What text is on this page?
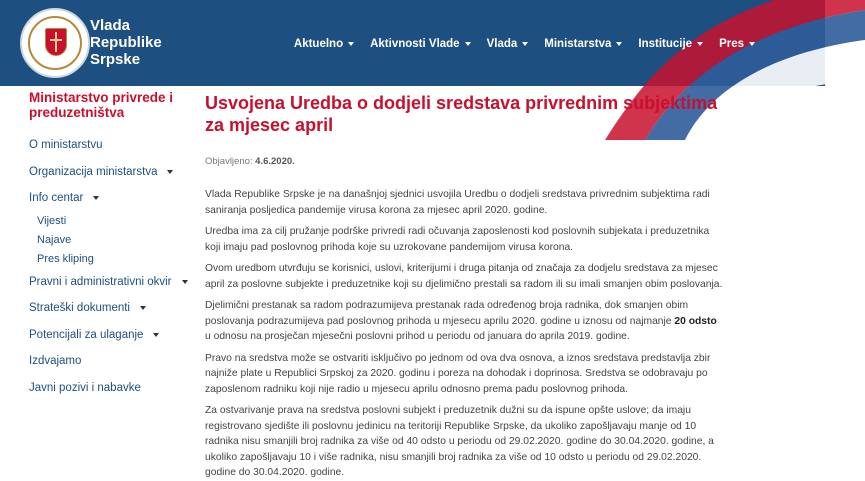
Vlada
Republike
Srpske
Aktuelno Aktivnosti Vlade Vlada Ministarstva Institucije Pres
Ministarstvo privrede i preduzetništva
O ministarstvu
Organizacija ministarstva
Info centar
Vijesti
Najave
Pres kliping
Pravni i administrativni okvir
Strateški dokumenti
Potencijali za ulaganje
Izdvajamo
Javni pozivi i nabavke
Usvojena Uredba o dodjeli sredstava privrednim subjektima za mjesec april
Objavljeno: 4.6.2020.

Vlada Republike Srpske je na današnjoj sjednici usvojila Uredbu o dodjeli sredstava privrednim subjektima radi saniranja posljedica pandemije virusa korona za mjesec april 2020. godine.

Uredba ima za cilj pružanje podrške privredi radi očuvanja zaposlenosti kod poslovnih subjekata i preduzetnika koji imaju pad poslovnog prihoda koje su uzrokovane pandemijom virusa korona.

Ovom uredbom utvrđuju se korisnici, uslovi, kriterijumi i druga pitanja od značaja za dodjelu sredstava za mjesec april za poslovne subjekte i preduzetnike koji su djelimično prestali sa radom ili su imali smanjen obim poslovanja.

Djelimični prestanak sa radom podrazumijeva prestanak rada određenog broja radnika, dok smanjen obim poslovanja podrazumijeva pad poslovnog prihoda u mjesecu aprilu 2020. godine u iznosu od najmanje 20 odsto u odnosu na prosječan mjesečni poslovni prihod u periodu od januara do aprila 2019. godine.

Pravo na sredstva može se ostvariti isključivo po jednom od ova dva osnova, a iznos sredstava predstavlja zbir najniže plate u Republici Srpskoj za 2020. godinu i poreza na dohodak i doprinosa. Sredstva se odobravaju po zaposlenom radniku koji nije radio u mjesecu aprilu odnosno prema padu poslovnog prihoda.

Za ostvarivanje prava na sredstva poslovni subjekt i preduzetnik dužni su da ispune opšte uslove; da imaju registrovano sjedište ili poslovnu jedinicu na teritoriji Republike Srpske, da ukoliko zapošljavaju manje od 10 radnika nisu smanjili broj radnika za više od 40 odsto u periodu od 29.02.2020. godine do 30.04.2020. godine, a ukoliko zapošljavaju 10 i više radnika, nisu smanjili broj radnika za više od 10 odsto u periodu od 29.02.2020. godine do 30.04.2020. godine.
